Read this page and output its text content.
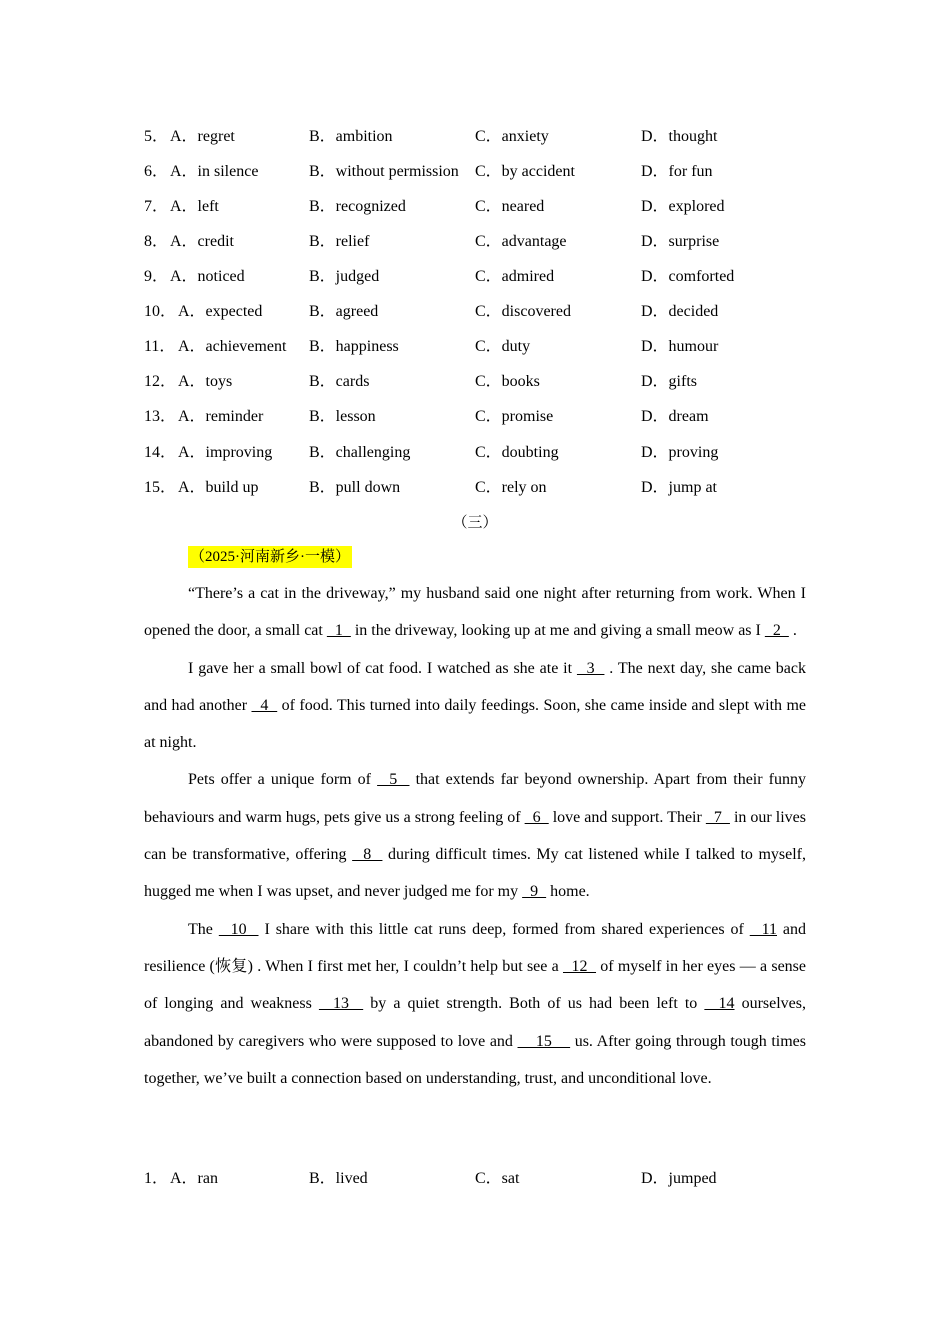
5． A．regret	B．ambition	C．anxiety	D．thought
6． A．in silence	B．without permission C．by accident	D．for fun
7． A．left	B．recognized	C．neared	D．explored
8． A．credit	B．relief	C．advantage	D．surprise
9． A．noticed	B．judged	C．admired	D．comforted
10． A．expected	B．agreed	C．discovered	D．decided
11． A．achievement B．happiness	C．duty	D．humour
12． A．toys	B．cards	C．books	D．gifts
13． A．reminder	B．lesson	C．promise	D．dream
14． A．improving B．challenging	C．doubting	D．proving
15． A．build up	B．pull down	C．rely on	D．jump at
（三）
（2025·河南新乡·一模）

“There’s a cat in the driveway,” my husband said one night after returning from work. When I opened the door, a small cat   1   in the driveway, looking up at me and giving a small meow as I   2   .

I gave her a small bowl of cat food. I watched as she ate it   3   . The next day, she came back and had another   4   of food. This turned into daily feedings. Soon, she came inside and slept with me at night.

Pets offer a unique form of   5   that extends far beyond ownership. Apart from their funny behaviours and warm hugs, pets give us a strong feeling of   6   love and support. Their   7   in our lives can be transformative, offering   8   during difficult times. My cat listened while I talked to myself, hugged me when I was upset, and never judged me for my   9   home.

The   10   I share with this little cat runs deep, formed from shared experiences of   11 and resilience (恢复) . When I first met her, I couldn’t help but see a   12   of myself in her eyes — a sense of longing and weakness   13   by a quiet strength. Both of us had been left to   14 ourselves, abandoned by caregivers who were supposed to love and     15     us. After going through tough times together, we’ve built a connection based on understanding, trust, and unconditional love.

1． A．ran	B．lived	C．sat	D．jumped
